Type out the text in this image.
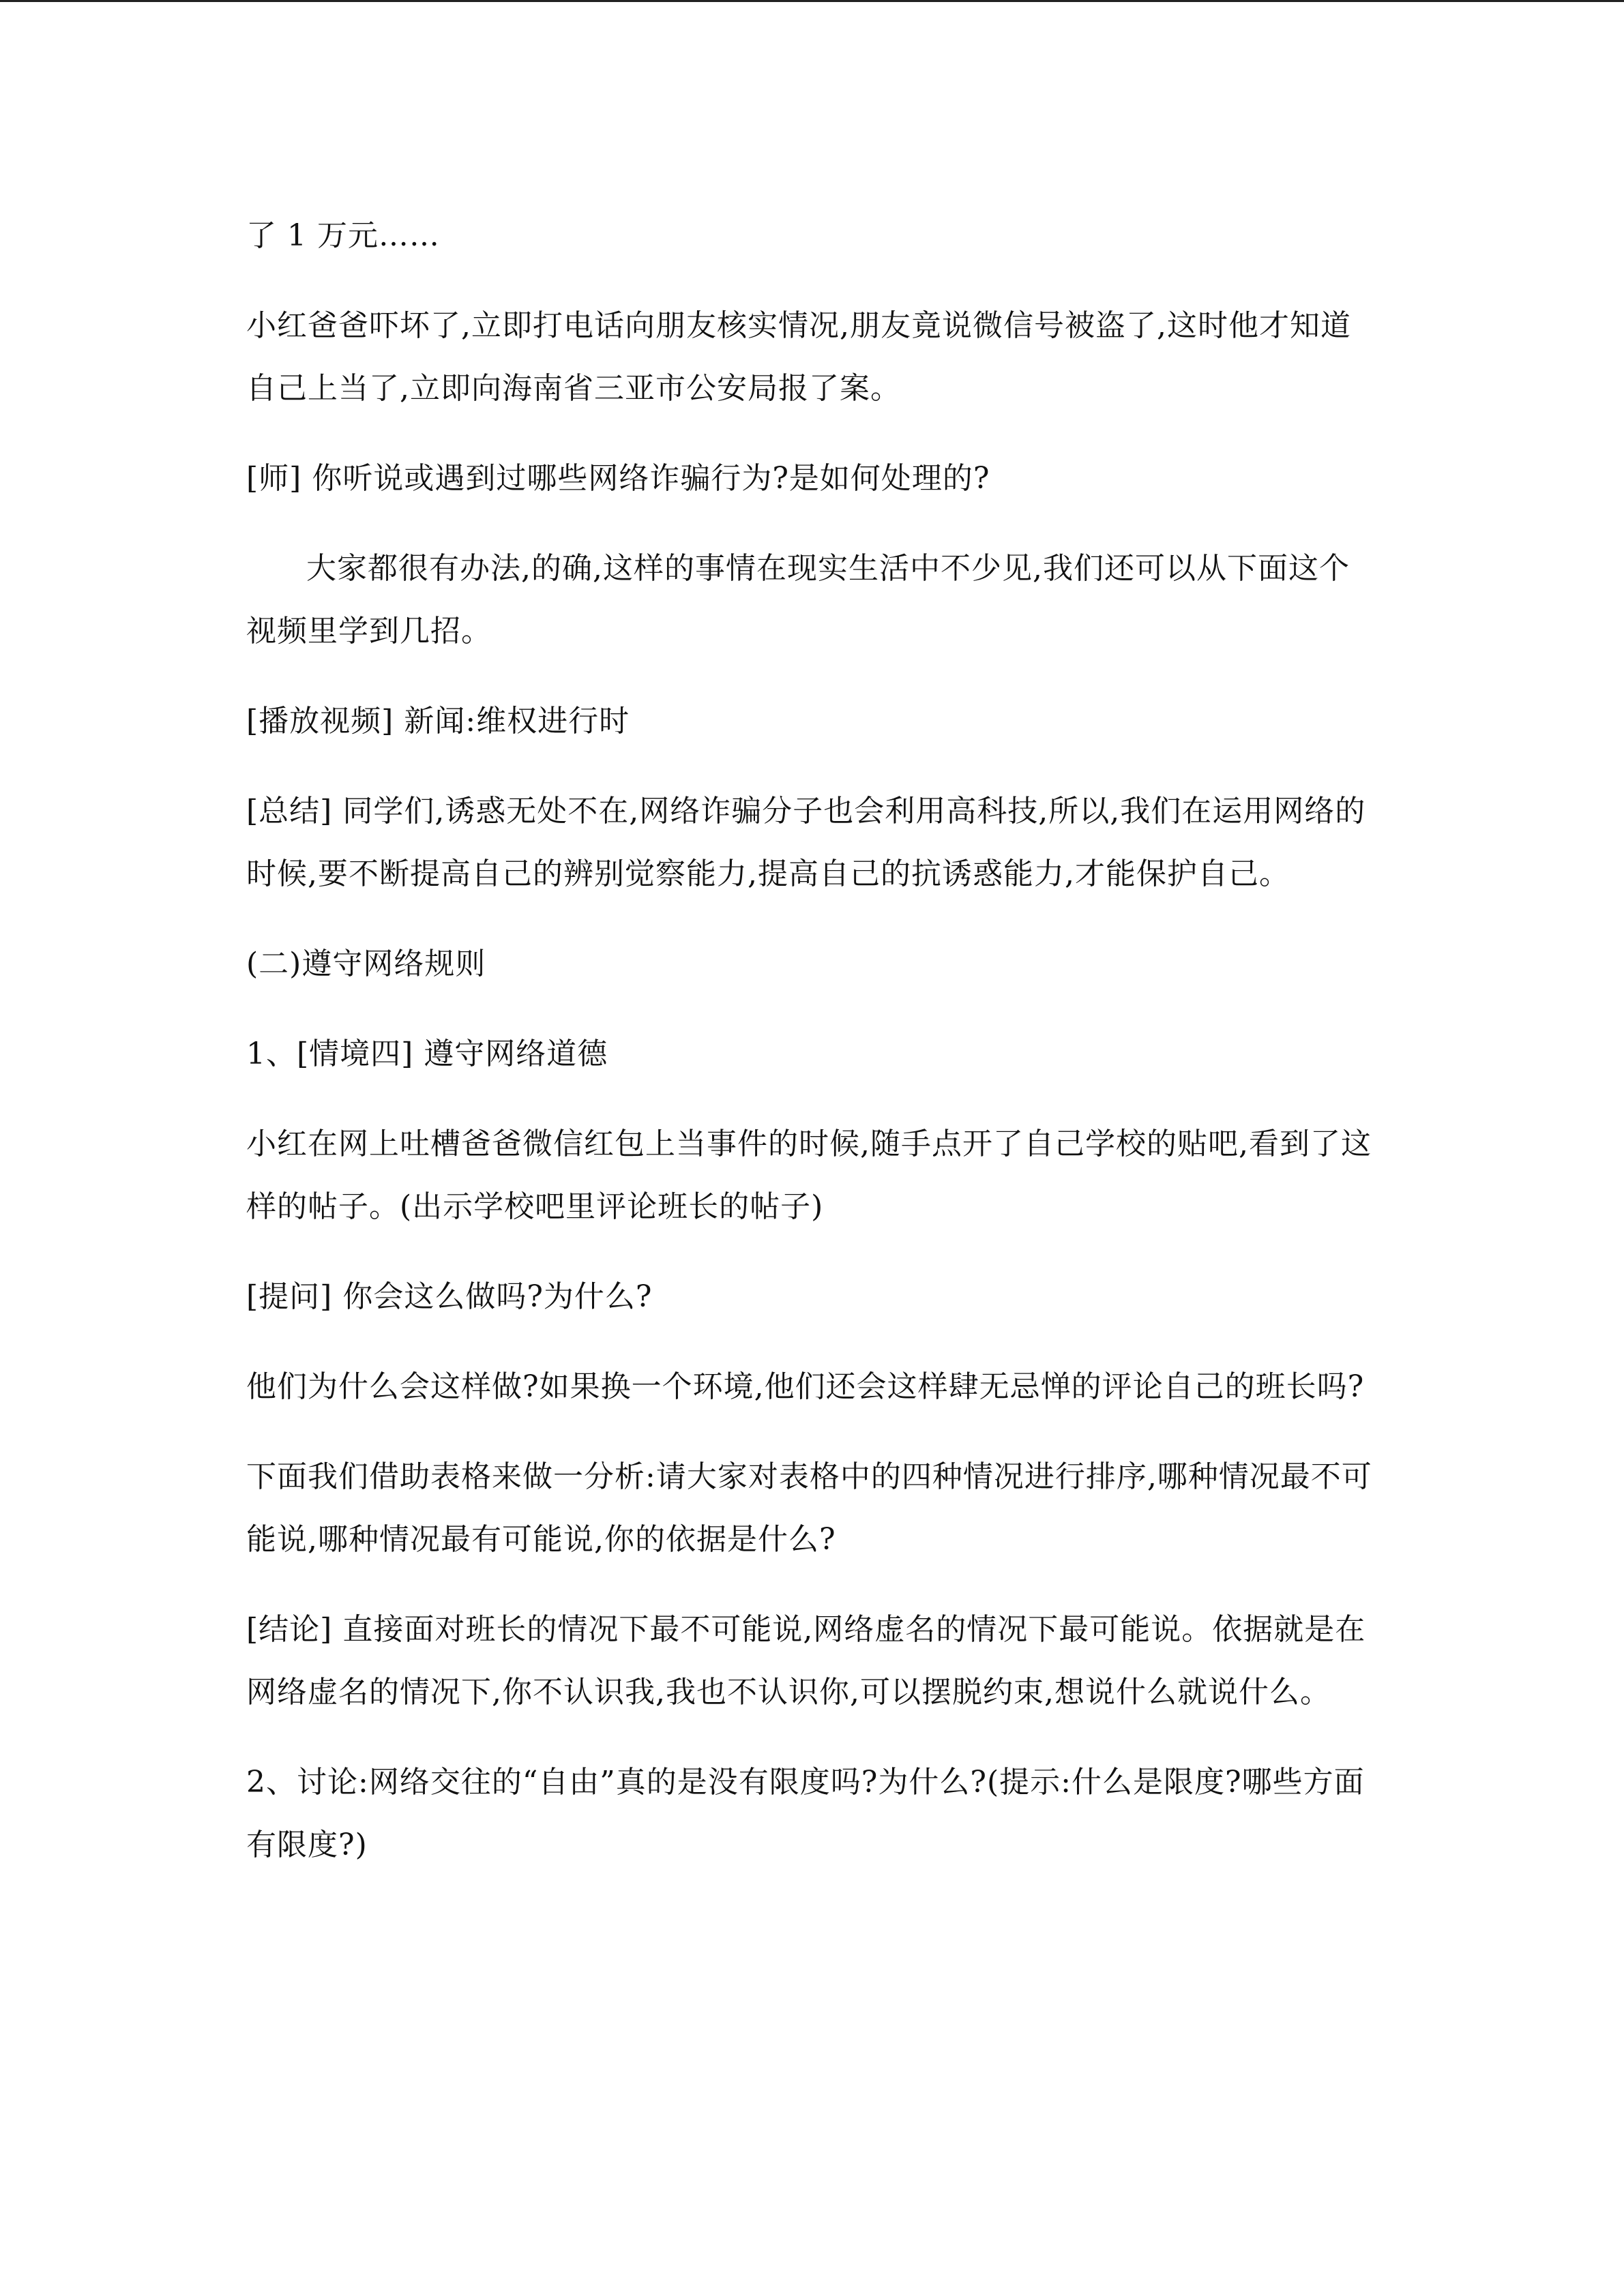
了 1 万元……

小红爸爸吓坏了,立即打电话向朋友核实情况,朋友竟说微信号被盗了,这时他才知道自己上当了,立即向海南省三亚市公安局报了案。

[师] 你听说或遇到过哪些网络诈骗行为?是如何处理的?

大家都很有办法,的确,这样的事情在现实生活中不少见,我们还可以从下面这个视频里学到几招。

[播放视频] 新闻:维权进行时

[总结] 同学们,诱惑无处不在,网络诈骗分子也会利用高科技,所以,我们在运用网络的时候,要不断提高自己的辨别觉察能力,提高自己的抗诱惑能力,才能保护自己。

(二)遵守网络规则

1、[情境四] 遵守网络道德

小红在网上吐槽爸爸微信红包上当事件的时候,随手点开了自己学校的贴吧,看到了这样的帖子。(出示学校吧里评论班长的帖子)

[提问] 你会这么做吗?为什么?

他们为什么会这样做?如果换一个环境,他们还会这样肆无忌惮的评论自己的班长吗?

下面我们借助表格来做一分析:请大家对表格中的四种情况进行排序,哪种情况最不可能说,哪种情况最有可能说,你的依据是什么?

[结论] 直接面对班长的情况下最不可能说,网络虚名的情况下最可能说。依据就是在网络虚名的情况下,你不认识我,我也不认识你,可以摆脱约束,想说什么就说什么。

2、讨论:网络交往的“自由”真的是没有限度吗?为什么?(提示:什么是限度?哪些方面有限度?)
